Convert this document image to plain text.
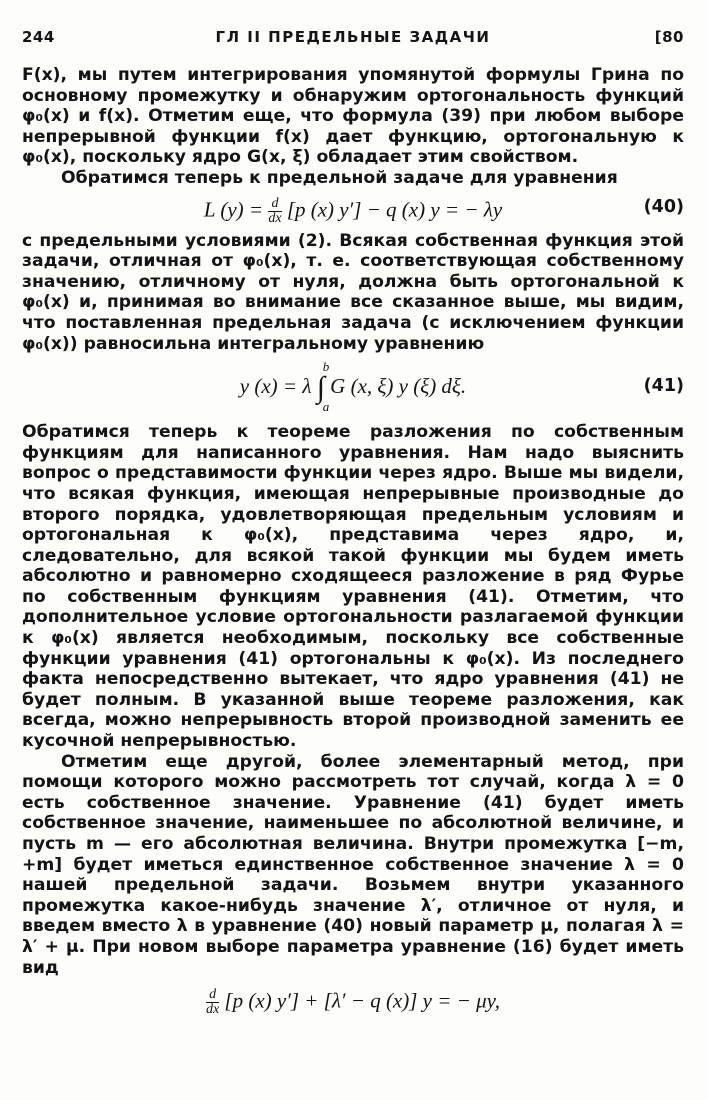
244	ГЛ II ПРЕДЕЛЬНЫЕ ЗАДАЧИ	[80

F(x), мы путем интегрирования упомянутой формулы Грина по основному промежутку и обнаружим ортогональность функций φ₀(x) и f(x). Отметим еще, что формула (39) при любом выборе непрерывной функции f(x) дает функцию, ортогональную к φ₀(x), поскольку ядро G(x, ξ) обладает этим свойством.

Обратимся теперь к предельной задаче для уравнения

L $(y) = \frac{d}{dx} [p$ (x) y′] − q (x) y = − λy	(40)

с предельными условиями (2). Всякая собственная функция этой задачи, отличная от φ₀(x), т. е. соответствующая собственному значению, отличному от нуля, должна быть ортогональной к φ₀(x) и, принимая во внимание все сказанное выше, мы видим, что поставленная предельная задача (с исключением функции φ₀(x)) равносильна интегральному уравнению

y (x) = λ ∫
b
a
G (x, ξ) y (ξ) dξ.	(41)

Обратимся теперь к теореме разложения по собственным функциям для написанного уравнения. Нам надо выяснить вопрос о представимости функции через ядро. Выше мы видели, что всякая функция, имеющая непрерывные производные до второго порядка, удовлетворяющая предельным условиям и ортогональная к φ₀(x), представима через ядро, и, следовательно, для всякой такой функции мы будем иметь абсолютно и равномерно сходящееся разложение в ряд Фурье по собственным функциям уравнения (41). Отметим, что дополнительное условие ортогональности разлагаемой функции к φ₀(x) является необходимым, поскольку все собственные функции уравнения (41) ортогональны к φ₀(x). Из последнего факта непосредственно вытекает, что ядро уравнения (41) не будет полным. В указанной выше теореме разложения, как всегда, можно непрерывность второй производной заменить ее кусочной непрерывностью.

Отметим еще другой, более элементарный метод, при помощи которого можно рассмотреть тот случай, когда λ = 0 есть собственное значение. Уравнение (41) будет иметь собственное значение, наименьшее по абсолютной величине, и пусть m — его абсолютная величина. Внутри промежутка [−m, +m] будет иметься единственное собственное значение λ = 0 нашей предельной задачи. Возьмем внутри указанного промежутка какое-нибудь значение λ′, отличное от нуля, и введем вместо λ в уравнение (40) новый параметр μ, полагая λ = λ′ + μ. При новом выборе параметра уравнение (16) будет иметь вид

$\frac{d}{dx} [p$ (x) y′] + [λ′ − q (x)] y = − μy,
